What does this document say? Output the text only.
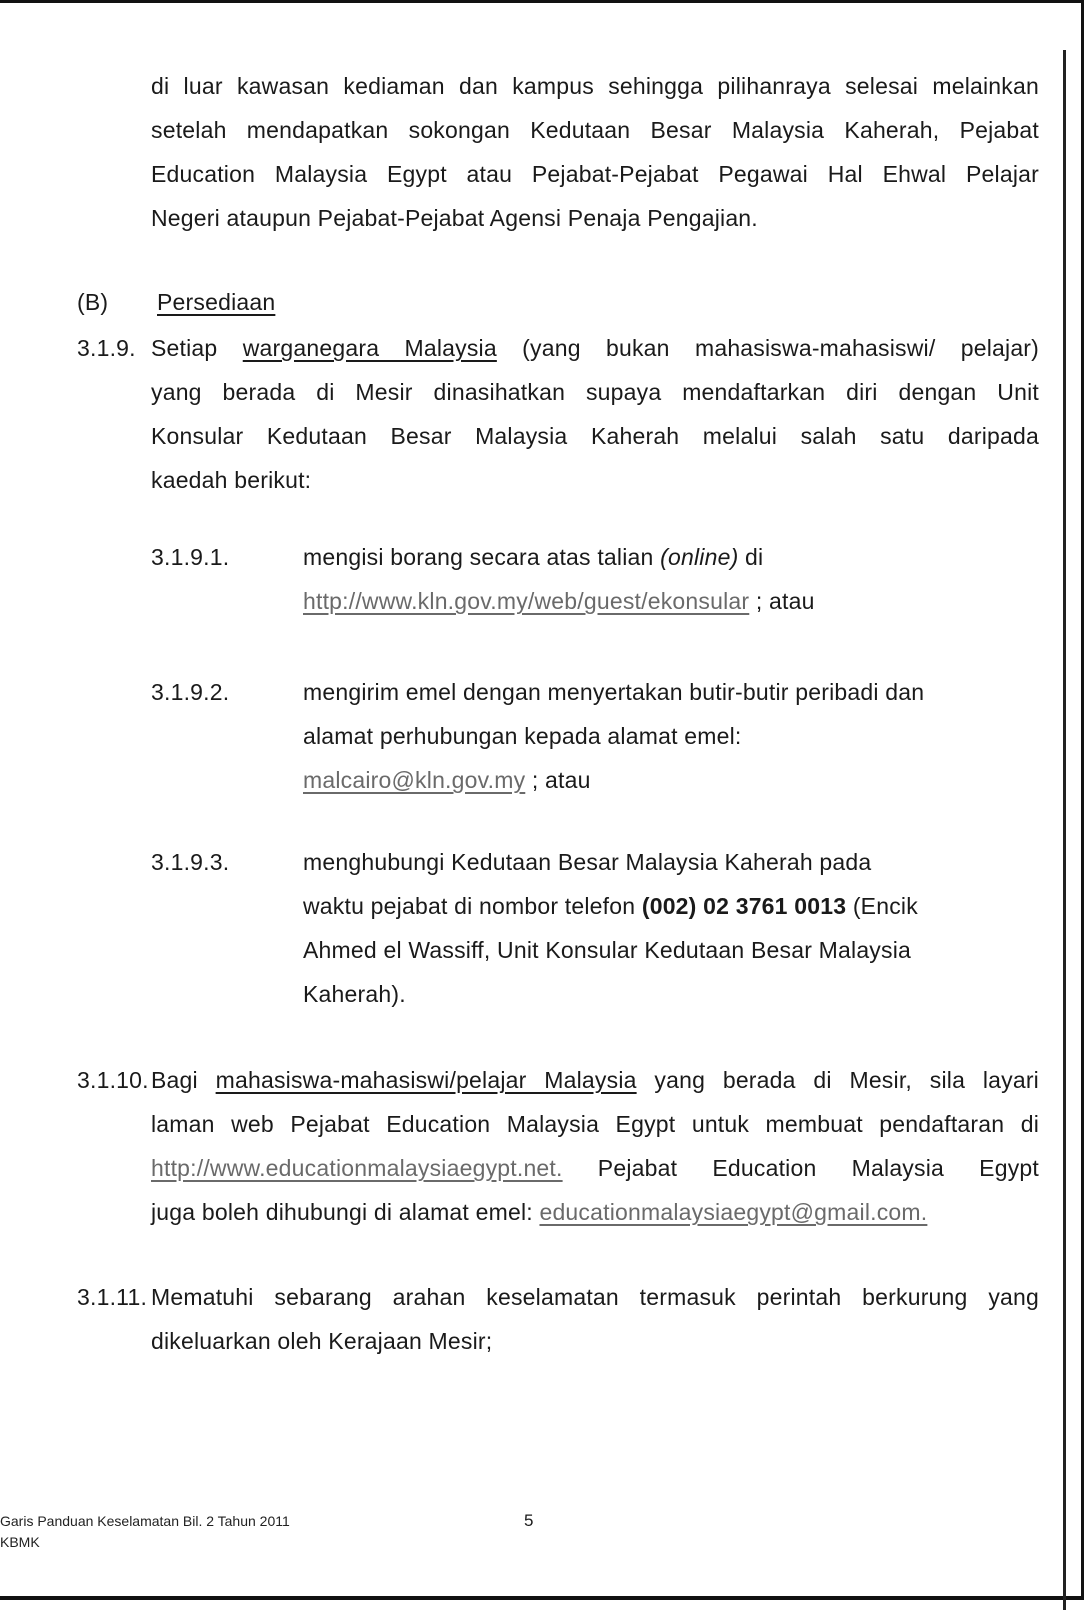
di luar kawasan kediaman dan kampus sehingga pilihanraya selesai melainkan
setelah mendapatkan sokongan Kedutaan Besar Malaysia Kaherah, Pejabat
Education Malaysia Egypt atau Pejabat-Pejabat Pegawai Hal Ehwal Pelajar
Negeri ataupun Pejabat-Pejabat Agensi Penaja Pengajian.
(B) Persediaan
3.1.9. Setiap warganegara Malaysia (yang bukan mahasiswa-mahasiswi/ pelajar)
yang berada di Mesir dinasihatkan supaya mendaftarkan diri dengan Unit
Konsular Kedutaan Besar Malaysia Kaherah melalui salah satu daripada
kaedah berikut:
3.1.9.1.	mengisi borang secara atas talian (online) di
http://www.kln.gov.my/web/guest/ekonsular ; atau
3.1.9.2.	mengirim emel dengan menyertakan butir-butir peribadi dan
alamat perhubungan kepada alamat emel:
malcairo@kln.gov.my ; atau
3.1.9.3.	menghubungi Kedutaan Besar Malaysia Kaherah pada
waktu pejabat di nombor telefon (002) 02 3761 0013 (Encik
Ahmed el Wassiff, Unit Konsular Kedutaan Besar Malaysia
Kaherah).
3.1.10. Bagi mahasiswa-mahasiswi/pelajar Malaysia yang berada di Mesir, sila layari
laman web Pejabat Education Malaysia Egypt untuk membuat pendaftaran di
http://www.educationmalaysiaegypt.net. Pejabat Education Malaysia Egypt
juga boleh dihubungi di alamat emel: educationmalaysiaegypt@gmail.com.
3.1.11. Mematuhi sebarang arahan keselamatan termasuk perintah berkurung yang
dikeluarkan oleh Kerajaan Mesir;
Garis Panduan Keselamatan Bil. 2 Tahun 2011
KBMK
5
